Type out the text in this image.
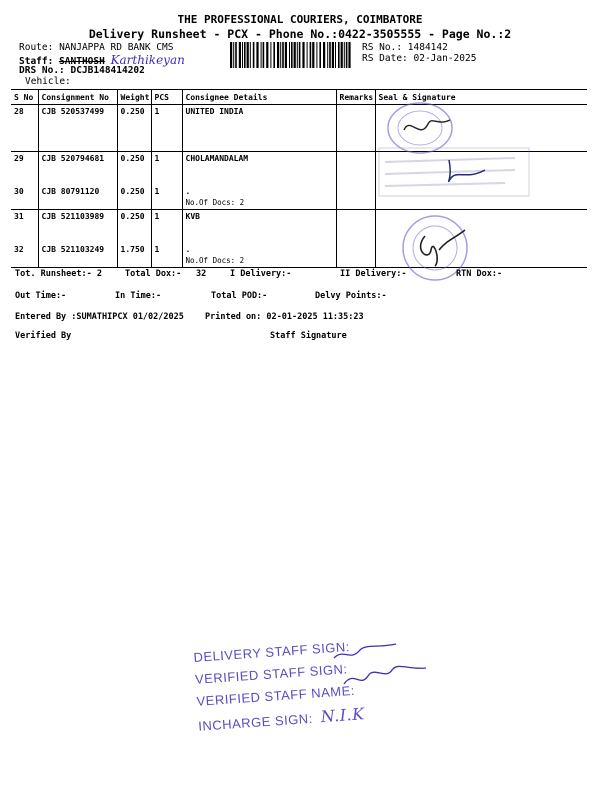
THE PROFESSIONAL COURIERS, COIMBATORE
Delivery Runsheet - PCX - Phone No.:0422-3505555 - Page No.:2
Route: NANJAPPA RD BANK CMS
Staff: SANTHOSH Karthikeyan
DRS No.: DCJB148414202
Vehicle:
RS No.: 1484142
RS Date: 02-Jan-2025
S No	Consignment No	Weight	PCS	Consignee Details	Remarks	Seal & Signature
28	CJB 520537499	0.250	1	UNITED INDIA		
29	CJB 520794681	0.250	1	CHOLAMANDALAM		
30	CJB 80791120	0.250	1	.
No.Of Docs: 2		

31	CJB 521103989	0.250	1	KVB		
32	CJB 521103249	1.750	1	.
No.Of Docs: 2		

Tot. Runsheet:- 2	Total Dox:- 32	I Delivery:-	II Delivery:-	RTN Dox:-
Out Time:-	In Time:-	Total POD:-	Delvy Points:-
Entered By :SUMATHIPCX 01/02/2025 Printed on: 02-01-2025 11:35:23
Verified By	Staff Signature
DELIVERY STAFF SIGN:
VERIFIED STAFF SIGN:
VERIFIED STAFF NAME:
INCHARGE SIGN: N.I.K
